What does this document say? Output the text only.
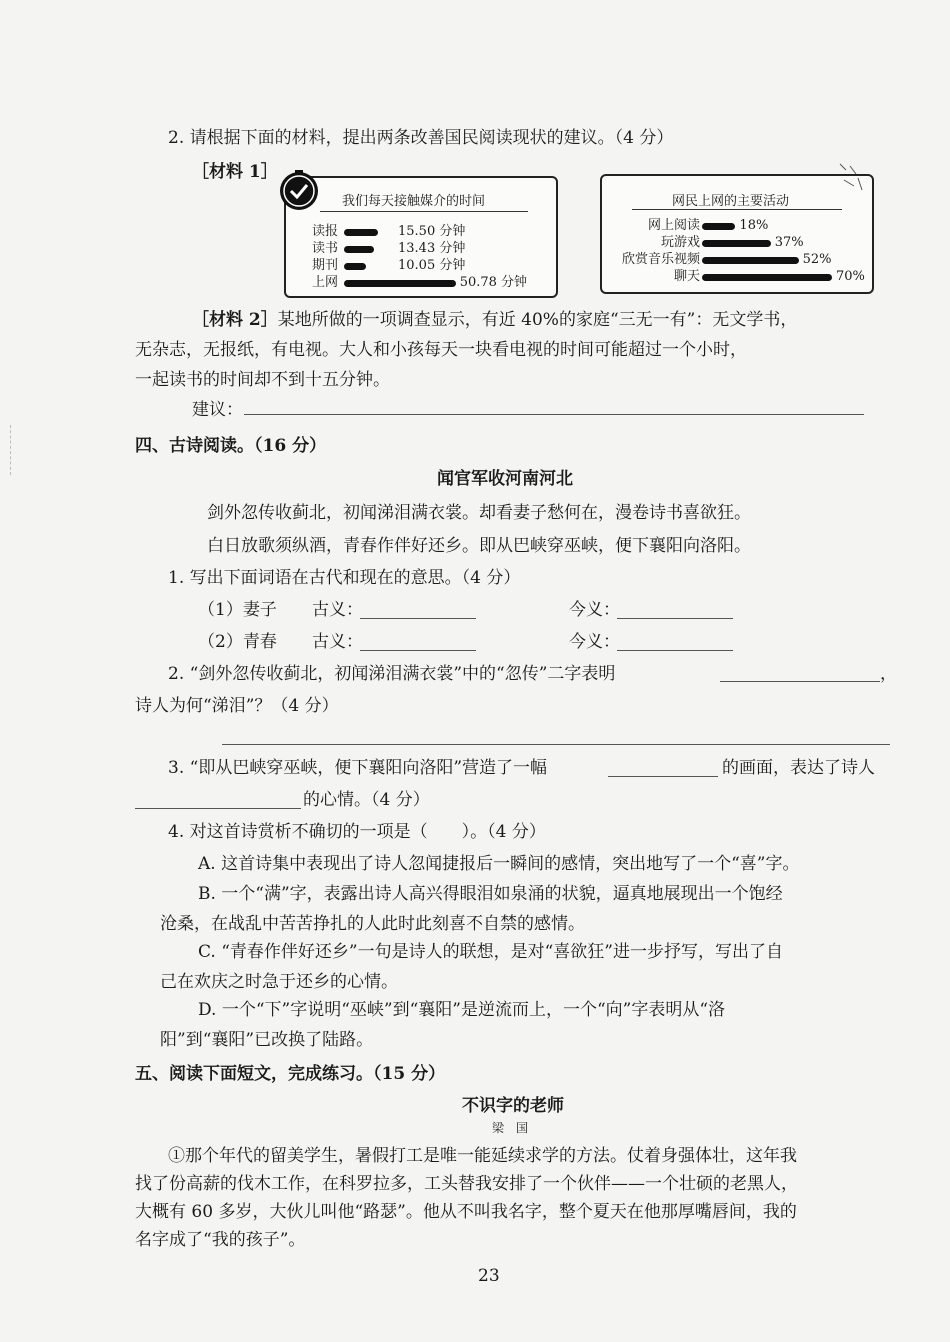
2. 请根据下面的材料，提出两条改善国民阅读现状的建议。（4 分）
［材料 1］
我们每天接触媒介的时间
读报	15.50 分钟
读书	13.43 分钟
期刊	10.05 分钟
上网	50.78 分钟
网民上网的主要活动
网上阅读	18%
玩游戏	37%
欣赏音乐视频	52%
聊天	70%
［材料 2］某地所做的一项调查显示，有近 40%的家庭“三无一有”：无文学书，
无杂志，无报纸，有电视。大人和小孩每天一块看电视的时间可能超过一个小时，
一起读书的时间却不到十五分钟。
建议：
四、古诗阅读。（16 分）
闻官军收河南河北
剑外忽传收蓟北，初闻涕泪满衣裳。却看妻子愁何在，漫卷诗书喜欲狂。
白日放歌须纵酒，青春作伴好还乡。即从巴峡穿巫峡，便下襄阳向洛阳。
1. 写出下面词语在古代和现在的意思。（4 分）
（1）妻子 古义：	今义：
（2）青春 古义：	今义：
2. “剑外忽传收蓟北，初闻涕泪满衣裳”中的“忽传”二字表明	，
诗人为何“涕泪”？（4 分）
3. “即从巴峡穿巫峡，便下襄阳向洛阳”营造了一幅	的画面，表达了诗人
的心情。（4 分）
4. 对这首诗赏析不确切的一项是（　　）。（4 分）
A. 这首诗集中表现出了诗人忽闻捷报后一瞬间的感情，突出地写了一个“喜”字。
B. 一个“满”字，表露出诗人高兴得眼泪如泉涌的状貌，逼真地展现出一个饱经
沧桑，在战乱中苦苦挣扎的人此时此刻喜不自禁的感情。
C. “青春作伴好还乡”一句是诗人的联想，是对“喜欲狂”进一步抒写，写出了自
己在欢庆之时急于还乡的心情。
D. 一个“下”字说明“巫峡”到“襄阳”是逆流而上，一个“向”字表明从“洛
阳”到“襄阳”已改换了陆路。
五、阅读下面短文，完成练习。（15 分）
不识字的老师
梁　国
①那个年代的留美学生，暑假打工是唯一能延续求学的方法。仗着身强体壮，这年我
找了份高薪的伐木工作，在科罗拉多，工头替我安排了一个伙伴——一个壮硕的老黑人，
大概有 60 多岁，大伙儿叫他“路瑟”。他从不叫我名字，整个夏天在他那厚嘴唇间，我的
名字成了“我的孩子”。
23
